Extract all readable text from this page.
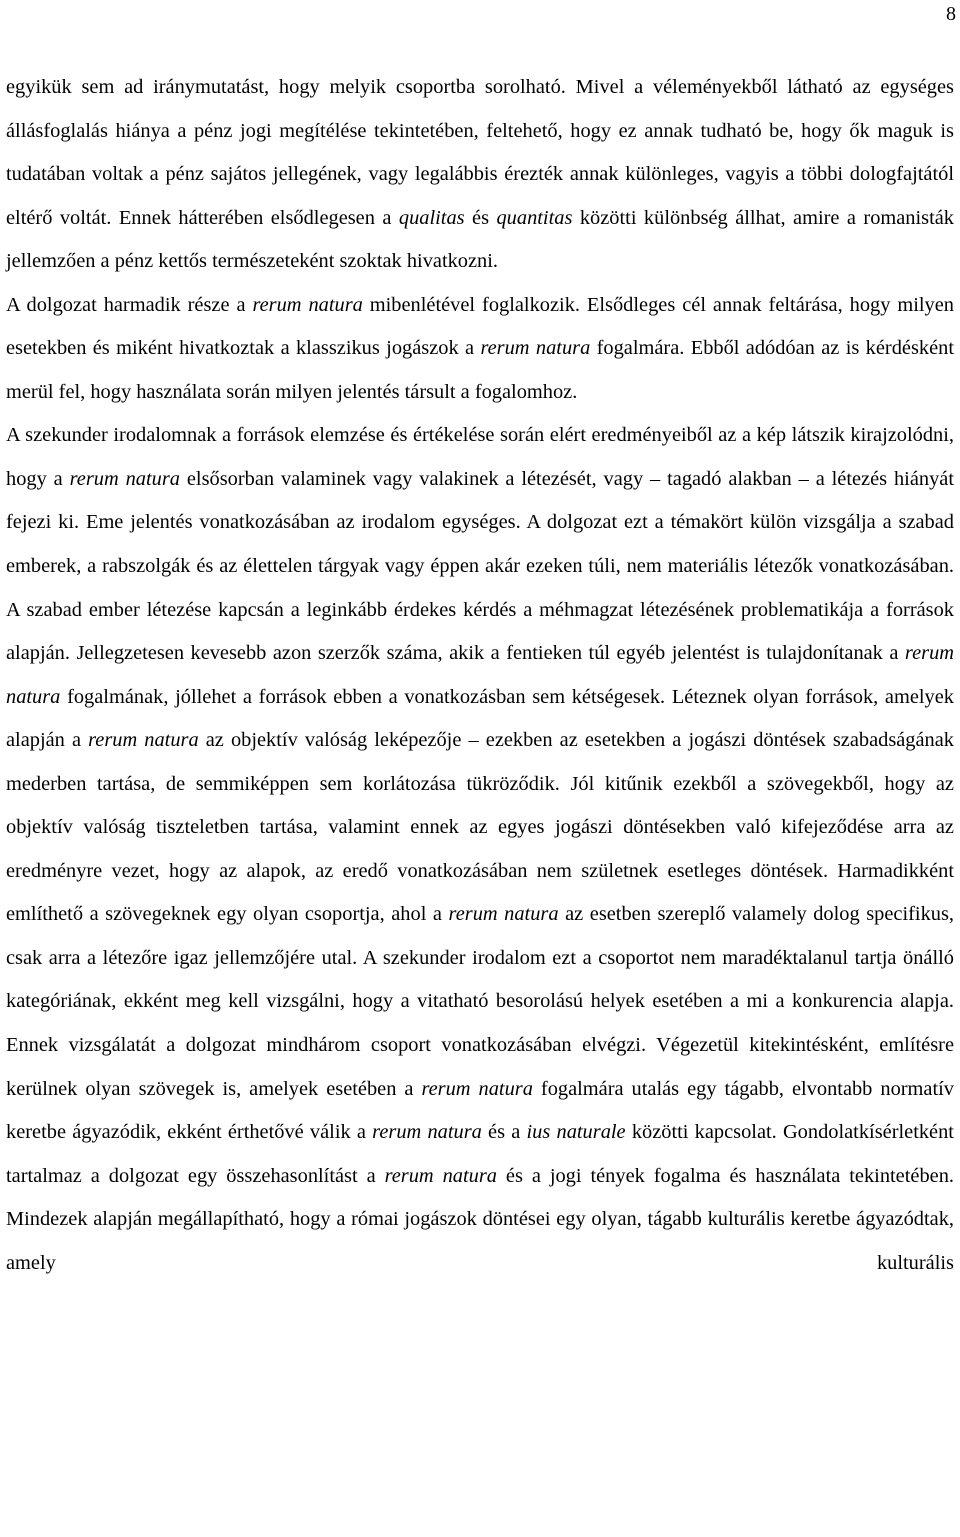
8

egyikük sem ad iránymutatást, hogy melyik csoportba sorolható. Mivel a véleményekből látható az egységes állásfoglalás hiánya a pénz jogi megítélése tekintetében, feltehető, hogy ez annak tudható be, hogy ők maguk is tudatában voltak a pénz sajátos jellegének, vagy legalábbis érezték annak különleges, vagyis a többi dologfajtától eltérő voltát. Ennek hátterében elsődlegesen a qualitas és quantitas közötti különbség állhat, amire a romanisták jellemzően a pénz kettős természeteként szoktak hivatkozni.

A dolgozat harmadik része a rerum natura mibenlétével foglalkozik. Elsődleges cél annak feltárása, hogy milyen esetekben és miként hivatkoztak a klasszikus jogászok a rerum natura fogalmára. Ebből adódóan az is kérdésként merül fel, hogy használata során milyen jelentés társult a fogalomhoz.

A szekunder irodalomnak a források elemzése és értékelése során elért eredményeiből az a kép látszik kirajzolódni, hogy a rerum natura elsősorban valaminek vagy valakinek a létezését, vagy – tagadó alakban – a létezés hiányát fejezi ki. Eme jelentés vonatkozásában az irodalom egységes. A dolgozat ezt a témakört külön vizsgálja a szabad emberek, a rabszolgák és az élettelen tárgyak vagy éppen akár ezeken túli, nem materiális létezők vonatkozásában. A szabad ember létezése kapcsán a leginkább érdekes kérdés a méhmagzat létezésének problematikája a források alapján. Jellegzetesen kevesebb azon szerzők száma, akik a fentieken túl egyéb jelentést is tulajdonítanak a rerum natura fogalmának, jóllehet a források ebben a vonatkozásban sem kétségesek. Léteznek olyan források, amelyek alapján a rerum natura az objektív valóság leképezője – ezekben az esetekben a jogászi döntések szabadságának mederben tartása, de semmiképpen sem korlátozása tükröződik. Jól kitűnik ezekből a szövegekből, hogy az objektív valóság tiszteletben tartása, valamint ennek az egyes jogászi döntésekben való kifejeződése arra az eredményre vezet, hogy az alapok, az eredő vonatkozásában nem születnek esetleges döntések. Harmadikként említhető a szövegeknek egy olyan csoportja, ahol a rerum natura az esetben szereplő valamely dolog specifikus, csak arra a létezőre igaz jellemzőjére utal. A szekunder irodalom ezt a csoportot nem maradéktalanul tartja önálló kategóriának, ekként meg kell vizsgálni, hogy a vitatható besorolású helyek esetében a mi a konkurencia alapja. Ennek vizsgálatát a dolgozat mindhárom csoport vonatkozásában elvégzi. Végezetül kitekintésként, említésre kerülnek olyan szövegek is, amelyek esetében a rerum natura fogalmára utalás egy tágabb, elvontabb normatív keretbe ágyazódik, ekként érthetővé válik a rerum natura és a ius naturale közötti kapcsolat. Gondolatkísérletként tartalmaz a dolgozat egy összehasonlítást a rerum natura és a jogi tények fogalma és használata tekintetében. Mindezek alapján megállapítható, hogy a római jogászok döntései egy olyan, tágabb kulturális keretbe ágyazódtak, amely kulturális
